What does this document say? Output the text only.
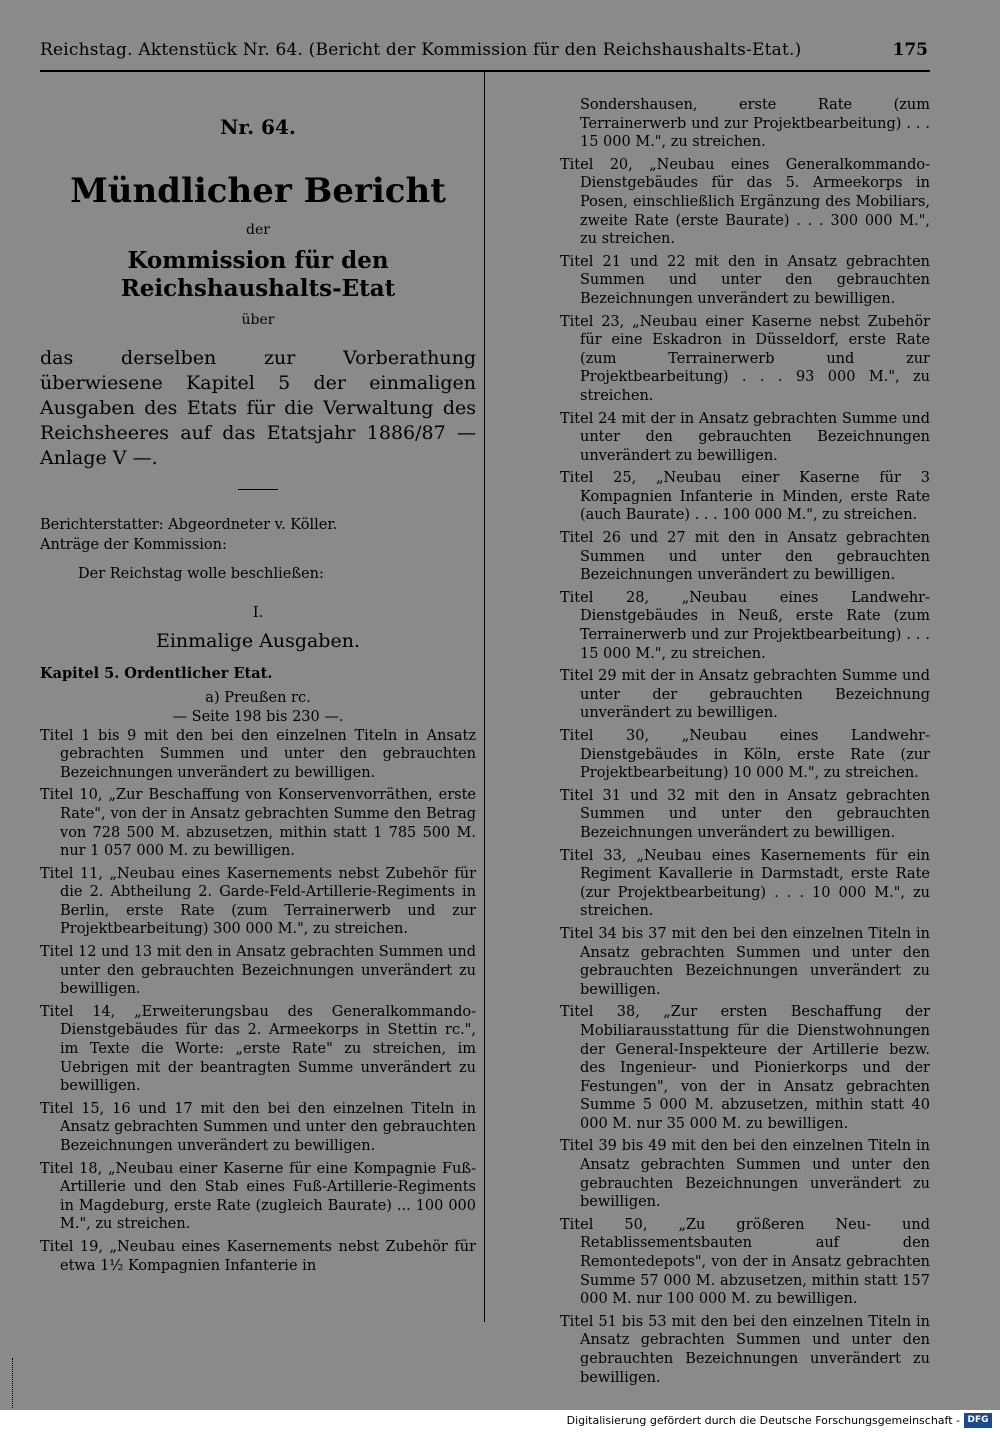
Reichstag. Aktenstück Nr. 64. (Bericht der Kommission für den Reichshaushalts-Etat.)	175
Nr. 64.
Mündlicher Bericht
der
Kommission für den Reichshaushalts-Etat
über
das derselben zur Vorberathung überwiesene Kapitel 5 der einmaligen Ausgaben des Etats für die Verwaltung des Reichsheeres auf das Etatsjahr 1886/87 — Anlage V —.
Berichterstatter: Abgeordneter v. Köller.
Anträge der Kommission:
Der Reichstag wolle beschließen:
I.
Einmalige Ausgaben.
Kapitel 5. Ordentlicher Etat.
a) Preußen rc.
— Seite 198 bis 230 —.
Titel 1 bis 9 mit den bei den einzelnen Titeln in Ansatz gebrachten Summen und unter den gebrauchten Bezeichnungen unverändert zu bewilligen.
Titel 10, „Zur Beschaffung von Konservenvorräthen, erste Rate", von der in Ansatz gebrachten Summe den Betrag von 728 500 M. abzusetzen, mithin statt 1 785 500 M. nur 1 057 000 M. zu bewilligen.
Titel 11, „Neubau eines Kasernements nebst Zubehör für die 2. Abtheilung 2. Garde-Feld-Artillerie-Regiments in Berlin, erste Rate (zum Terrainerwerb und zur Projektbearbeitung) 300 000 M.", zu streichen.
Titel 12 und 13 mit den in Ansatz gebrachten Summen und unter den gebrauchten Bezeichnungen unverändert zu bewilligen.
Titel 14, „Erweiterungsbau des Generalkommando-Dienstgebäudes für das 2. Armeekorps in Stettin rc.", im Texte die Worte: „erste Rate" zu streichen, im Uebrigen mit der beantragten Summe unverändert zu bewilligen.
Titel 15, 16 und 17 mit den bei den einzelnen Titeln in Ansatz gebrachten Summen und unter den gebrauchten Bezeichnungen unverändert zu bewilligen.
Titel 18, „Neubau einer Kaserne für eine Kompagnie Fuß-Artillerie und den Stab eines Fuß-Artillerie-Regiments in Magdeburg, erste Rate (zugleich Baurate) ... 100 000 M.", zu streichen.
Titel 19, „Neubau eines Kasernements nebst Zubehör für etwa 1½ Kompagnien Infanterie in
Sondershausen, erste Rate (zum Terrainerwerb und zur Projektbearbeitung) . . . 15 000 M.", zu streichen.
Titel 20, „Neubau eines Generalkommando-Dienstgebäudes für das 5. Armeekorps in Posen, einschließlich Ergänzung des Mobiliars, zweite Rate (erste Baurate) . . . 300 000 M.", zu streichen.
Titel 21 und 22 mit den in Ansatz gebrachten Summen und unter den gebrauchten Bezeichnungen unverändert zu bewilligen.
Titel 23, „Neubau einer Kaserne nebst Zubehör für eine Eskadron in Düsseldorf, erste Rate (zum Terrainerwerb und zur Projektbearbeitung) . . . 93 000 M.", zu streichen.
Titel 24 mit der in Ansatz gebrachten Summe und unter den gebrauchten Bezeichnungen unverändert zu bewilligen.
Titel 25, „Neubau einer Kaserne für 3 Kompagnien Infanterie in Minden, erste Rate (auch Baurate) . . . 100 000 M.", zu streichen.
Titel 26 und 27 mit den in Ansatz gebrachten Summen und unter den gebrauchten Bezeichnungen unverändert zu bewilligen.
Titel 28, „Neubau eines Landwehr-Dienstgebäudes in Neuß, erste Rate (zum Terrainerwerb und zur Projektbearbeitung) . . . 15 000 M.", zu streichen.
Titel 29 mit der in Ansatz gebrachten Summe und unter der gebrauchten Bezeichnung unverändert zu bewilligen.
Titel 30, „Neubau eines Landwehr-Dienstgebäudes in Köln, erste Rate (zur Projektbearbeitung) 10 000 M.", zu streichen.
Titel 31 und 32 mit den in Ansatz gebrachten Summen und unter den gebrauchten Bezeichnungen unverändert zu bewilligen.
Titel 33, „Neubau eines Kasernements für ein Regiment Kavallerie in Darmstadt, erste Rate (zur Projektbearbeitung) . . . 10 000 M.", zu streichen.
Titel 34 bis 37 mit den bei den einzelnen Titeln in Ansatz gebrachten Summen und unter den gebrauchten Bezeichnungen unverändert zu bewilligen.
Titel 38, „Zur ersten Beschaffung der Mobiliarausstattung für die Dienstwohnungen der General-Inspekteure der Artillerie bezw. des Ingenieur- und Pionierkorps und der Festungen", von der in Ansatz gebrachten Summe 5 000 M. abzusetzen, mithin statt 40 000 M. nur 35 000 M. zu bewilligen.
Titel 39 bis 49 mit den bei den einzelnen Titeln in Ansatz gebrachten Summen und unter den gebrauchten Bezeichnungen unverändert zu bewilligen.
Titel 50, „Zu größeren Neu- und Retablissementsbauten auf den Remontedepots", von der in Ansatz gebrachten Summe 57 000 M. abzusetzen, mithin statt 157 000 M. nur 100 000 M. zu bewilligen.
Titel 51 bis 53 mit den bei den einzelnen Titeln in Ansatz gebrachten Summen und unter den gebrauchten Bezeichnungen unverändert zu bewilligen.
Digitalisierung gefördert durch die Deutsche Forschungsgemeinschaft - DFG
